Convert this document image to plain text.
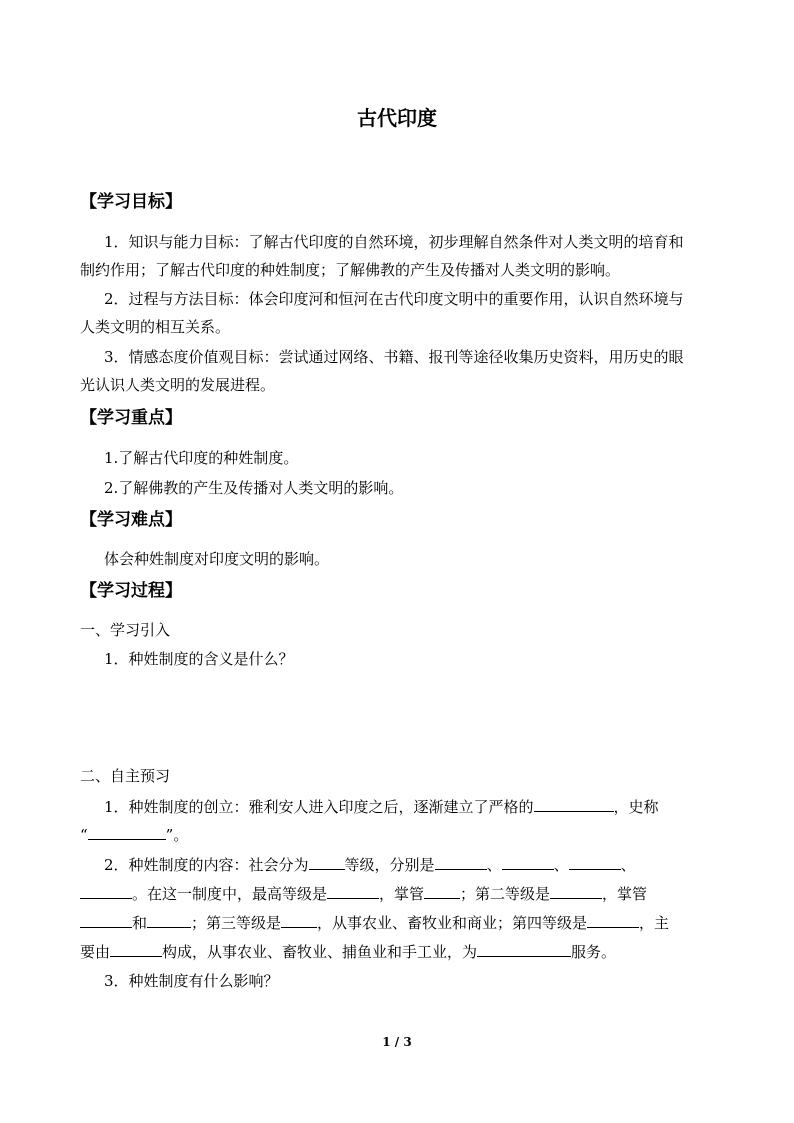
古代印度
【学习目标】
1．知识与能力目标：了解古代印度的自然环境，初步理解自然条件对人类文明的培育和
制约作用；了解古代印度的种姓制度；了解佛教的产生及传播对人类文明的影响。
2．过程与方法目标：体会印度河和恒河在古代印度文明中的重要作用，认识自然环境与
人类文明的相互关系。
3．情感态度价值观目标：尝试通过网络、书籍、报刊等途径收集历史资料，用历史的眼
光认识人类文明的发展进程。
【学习重点】
1.了解古代印度的种姓制度。
2.了解佛教的产生及传播对人类文明的影响。
【学习难点】
体会种姓制度对印度文明的影响。
【学习过程】
一、学习引入
1．种姓制度的含义是什么？
二、自主预习
1．种姓制度的创立：雅利安人进入印度之后，逐渐建立了严格的	，史称
“	”。
2．种姓制度的内容：社会分为 等级，分别是	、	、	、
。在这一制度中，最高等级是	，掌管 ；第二等级是	，掌管
和	；第三等级是 ，从事农业、畜牧业和商业；第四等级是	，主
要由	构成，从事农业、畜牧业、捕鱼业和手工业，为	服务。
3．种姓制度有什么影响？
1 / 3
